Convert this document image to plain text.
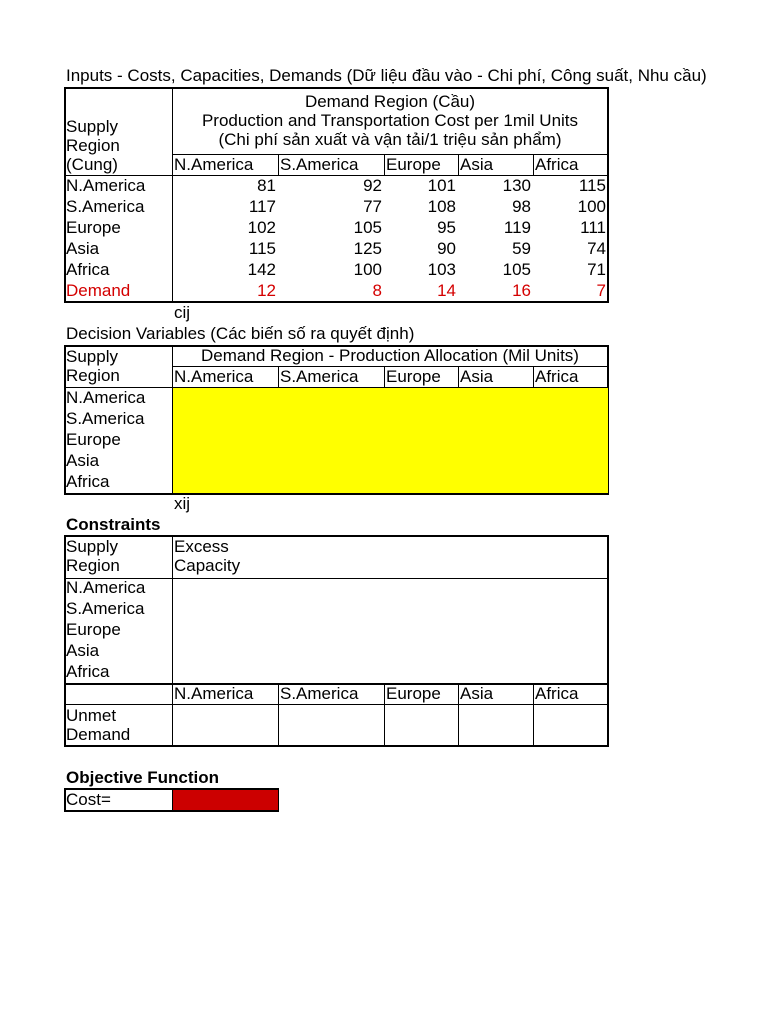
Inputs - Costs, Capacities, Demands (Dữ liệu đầu vào - Chi phí, Công suất, Nhu cầu)
Supply
Region
(Cung)
Demand Region (Cầu)
Production and Transportation Cost per 1mil Units
(Chi phí sản xuất và vận tải/1 triệu sản phẩm)
N.America	S.America	Europe	Asia	Africa
N.America	81	92	101	130	115
S.America	117	77	108	98	100
Europe	102	105	95	119	111
Asia	115	125	90	59	74
Africa	142	100	103	105	71
Demand	12	8	14	16	7
cij
Decision Variables (Các biến số ra quyết định)
Supply
Region
Demand Region - Production Allocation (Mil Units)
N.America	S.America	Europe	Asia	Africa
N.America
S.America
Europe
Asia
Africa
xij
Constraints
Supply
Region
Excess
Capacity
N.America
S.America
Europe
Asia
Africa
N.America	S.America	Europe	Asia	Africa
Unmet
Demand
Objective Function
Cost=
